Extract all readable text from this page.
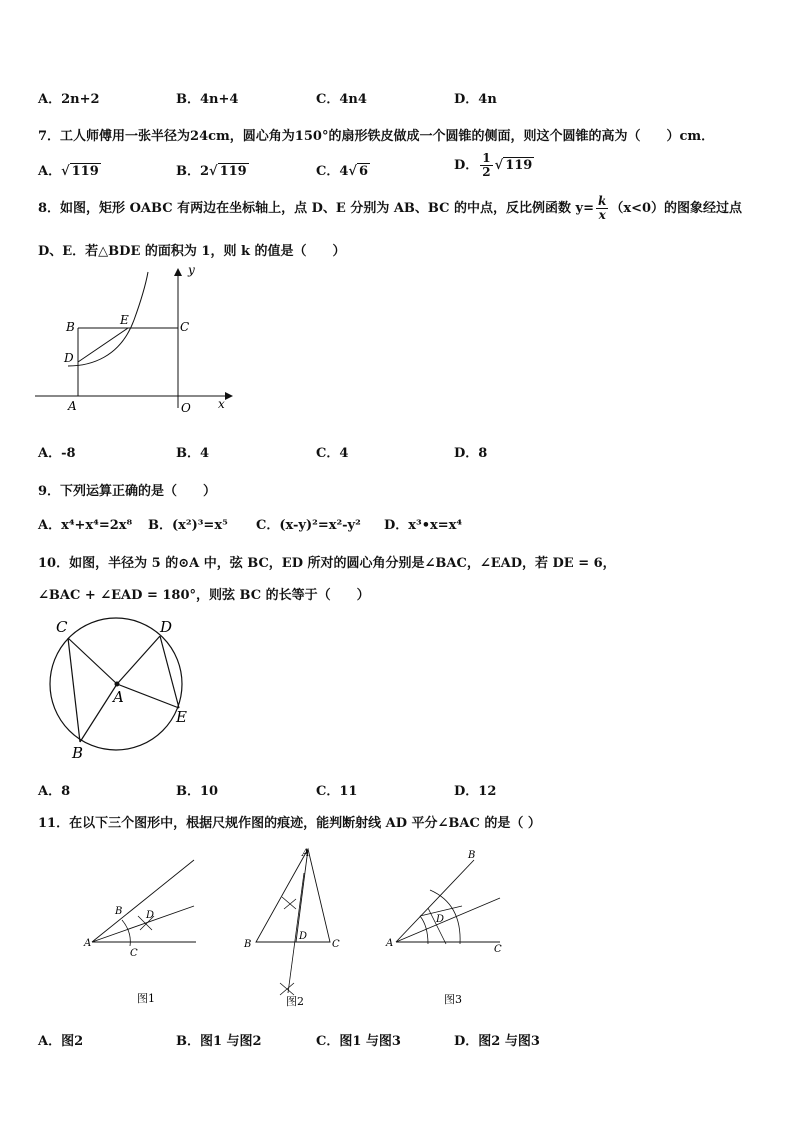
A．2n+2	B．4n+4	C．4n4	D．4n
7．工人师傅用一张半径为24cm，圆心角为150°的扇形铁皮做成一个圆锥的侧面，则这个圆锥的高为（　　）cm．
A．√ 119	B．2√ 119	C．4√ 6	D． $\frac{1}{2}$ √ 119
8．如图，矩形 OABC 有两边在坐标轴上，点 D、E 分别为 AB、BC 的中点，反比例函数 $y= \frac{k}{x} (x<0)$的图象经过点
D、E．若△BDE 的面积为 1，则 k 的值是（　　）
y
x
B	E	C
D
A	O
A．-8	B．4	C．4	D．8
9．下列运算正确的是（　　）
A．x⁴+x⁴=2x⁸ B．(x²)³=x⁵ C．(x-y)²=x²-y² D．x³•x=x⁴
10．如图，半径为 5 的⊙A 中，弦 BC，ED 所对的圆心角分别是∠BAC，∠EAD，若 DE = 6，
∠BAC + ∠EAD = 180°，则弦 BC 的长等于（　　）
C	D
A
E
B
A．8	B．10	C．11	D．12
11．在以下三个图形中，根据尺规作图的痕迹，能判断射线 AD 平分∠BAC 的是（ ）
A
B D
C
图1
A
B
D
C
图2
A
B
D
C
图3
A．图2	B．图1 与图2	C．图1 与图3	D．图2 与图3
